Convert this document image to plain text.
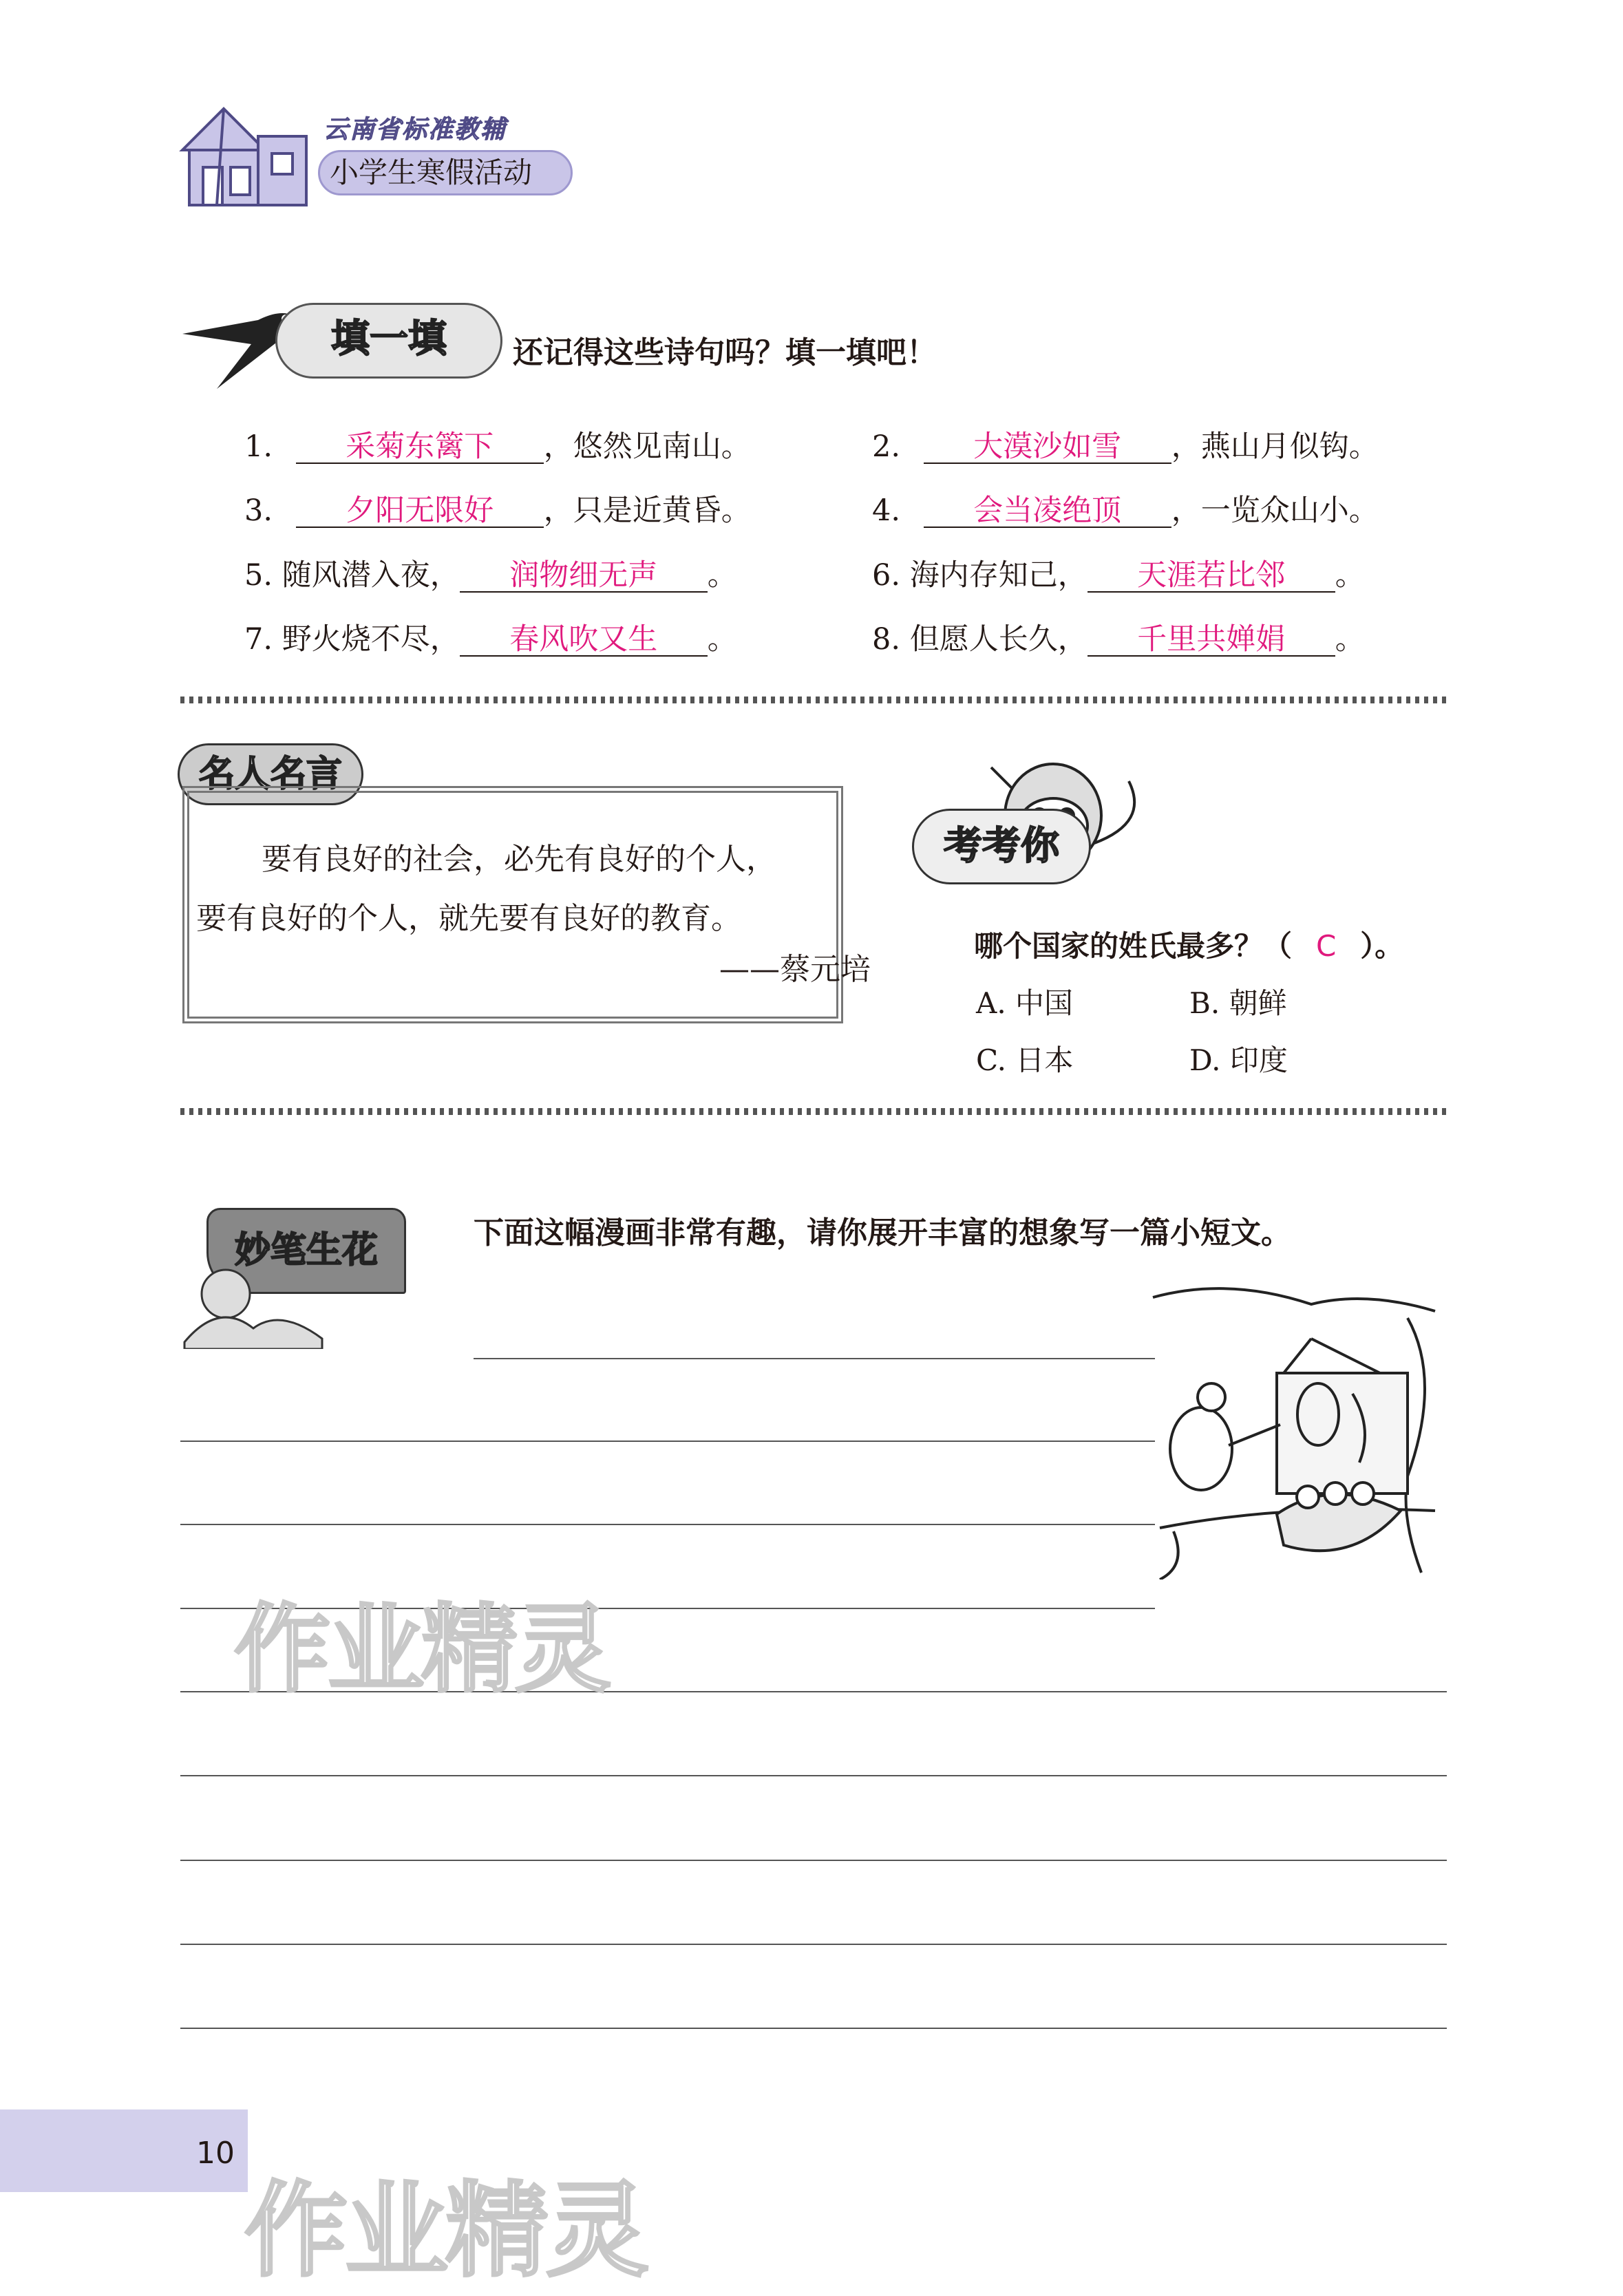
云南省标准教辅
小学生寒假活动
填一填	还记得这些诗句吗？填一填吧！
1. 采菊东篱下 ，悠然见南山。	2. 大漠沙如雪 ，燕山月似钩。
3. 夕阳无限好 ，只是近黄昏。	4. 会当凌绝顶 ，一览众山小。
5. 随风潜入夜， 润物细无声 。	6. 海内存知己， 天涯若比邻 。
7. 野火烧不尽， 春风吹又生 。	8. 但愿人长久， 千里共婵娟 。
名人名言
要有良好的社会，必先有良好的个人，
要有良好的个人，就先要有良好的教育。
——蔡元培
考考你
哪个国家的姓氏最多？（ C ）。
A. 中国	B. 朝鲜
C. 日本	D. 印度
妙笔生花	下面这幅漫画非常有趣，请你展开丰富的想象写一篇小短文。
作业精灵
10
作业精灵
